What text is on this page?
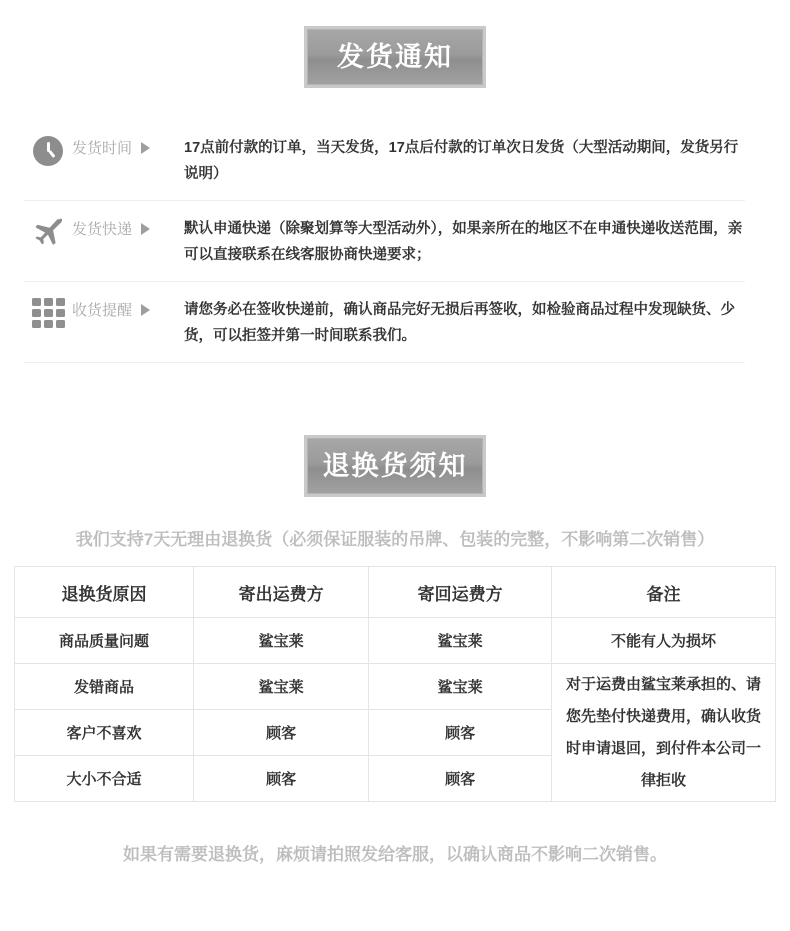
发货通知
发货时间	17点前付款的订单，当天发货，17点后付款的订单次日发货（大型活动期间，发货另行说明）
发货快递	默认申通快递（除聚划算等大型活动外），如果亲所在的地区不在申通快递收送范围，亲可以直接联系在线客服协商快递要求；
收货提醒	请您务必在签收快递前，确认商品完好无损后再签收，如检验商品过程中发现缺货、少货，可以拒签并第一时间联系我们。
退换货须知
我们支持7天无理由退换货（必须保证服装的吊牌、包装的完整，不影响第二次销售）
退换货原因	寄出运费方	寄回运费方	备注
商品质量问题	鲨宝莱	鲨宝莱	不能有人为损坏
发错商品	鲨宝莱	鲨宝莱	对于运费由鲨宝莱承担的、请您先垫付快递费用，确认收货时申请退回，到付件本公司一律拒收
客户不喜欢	顾客	顾客	
大小不合适	顾客	顾客	
如果有需要退换货，麻烦请拍照发给客服，以确认商品不影响二次销售。
